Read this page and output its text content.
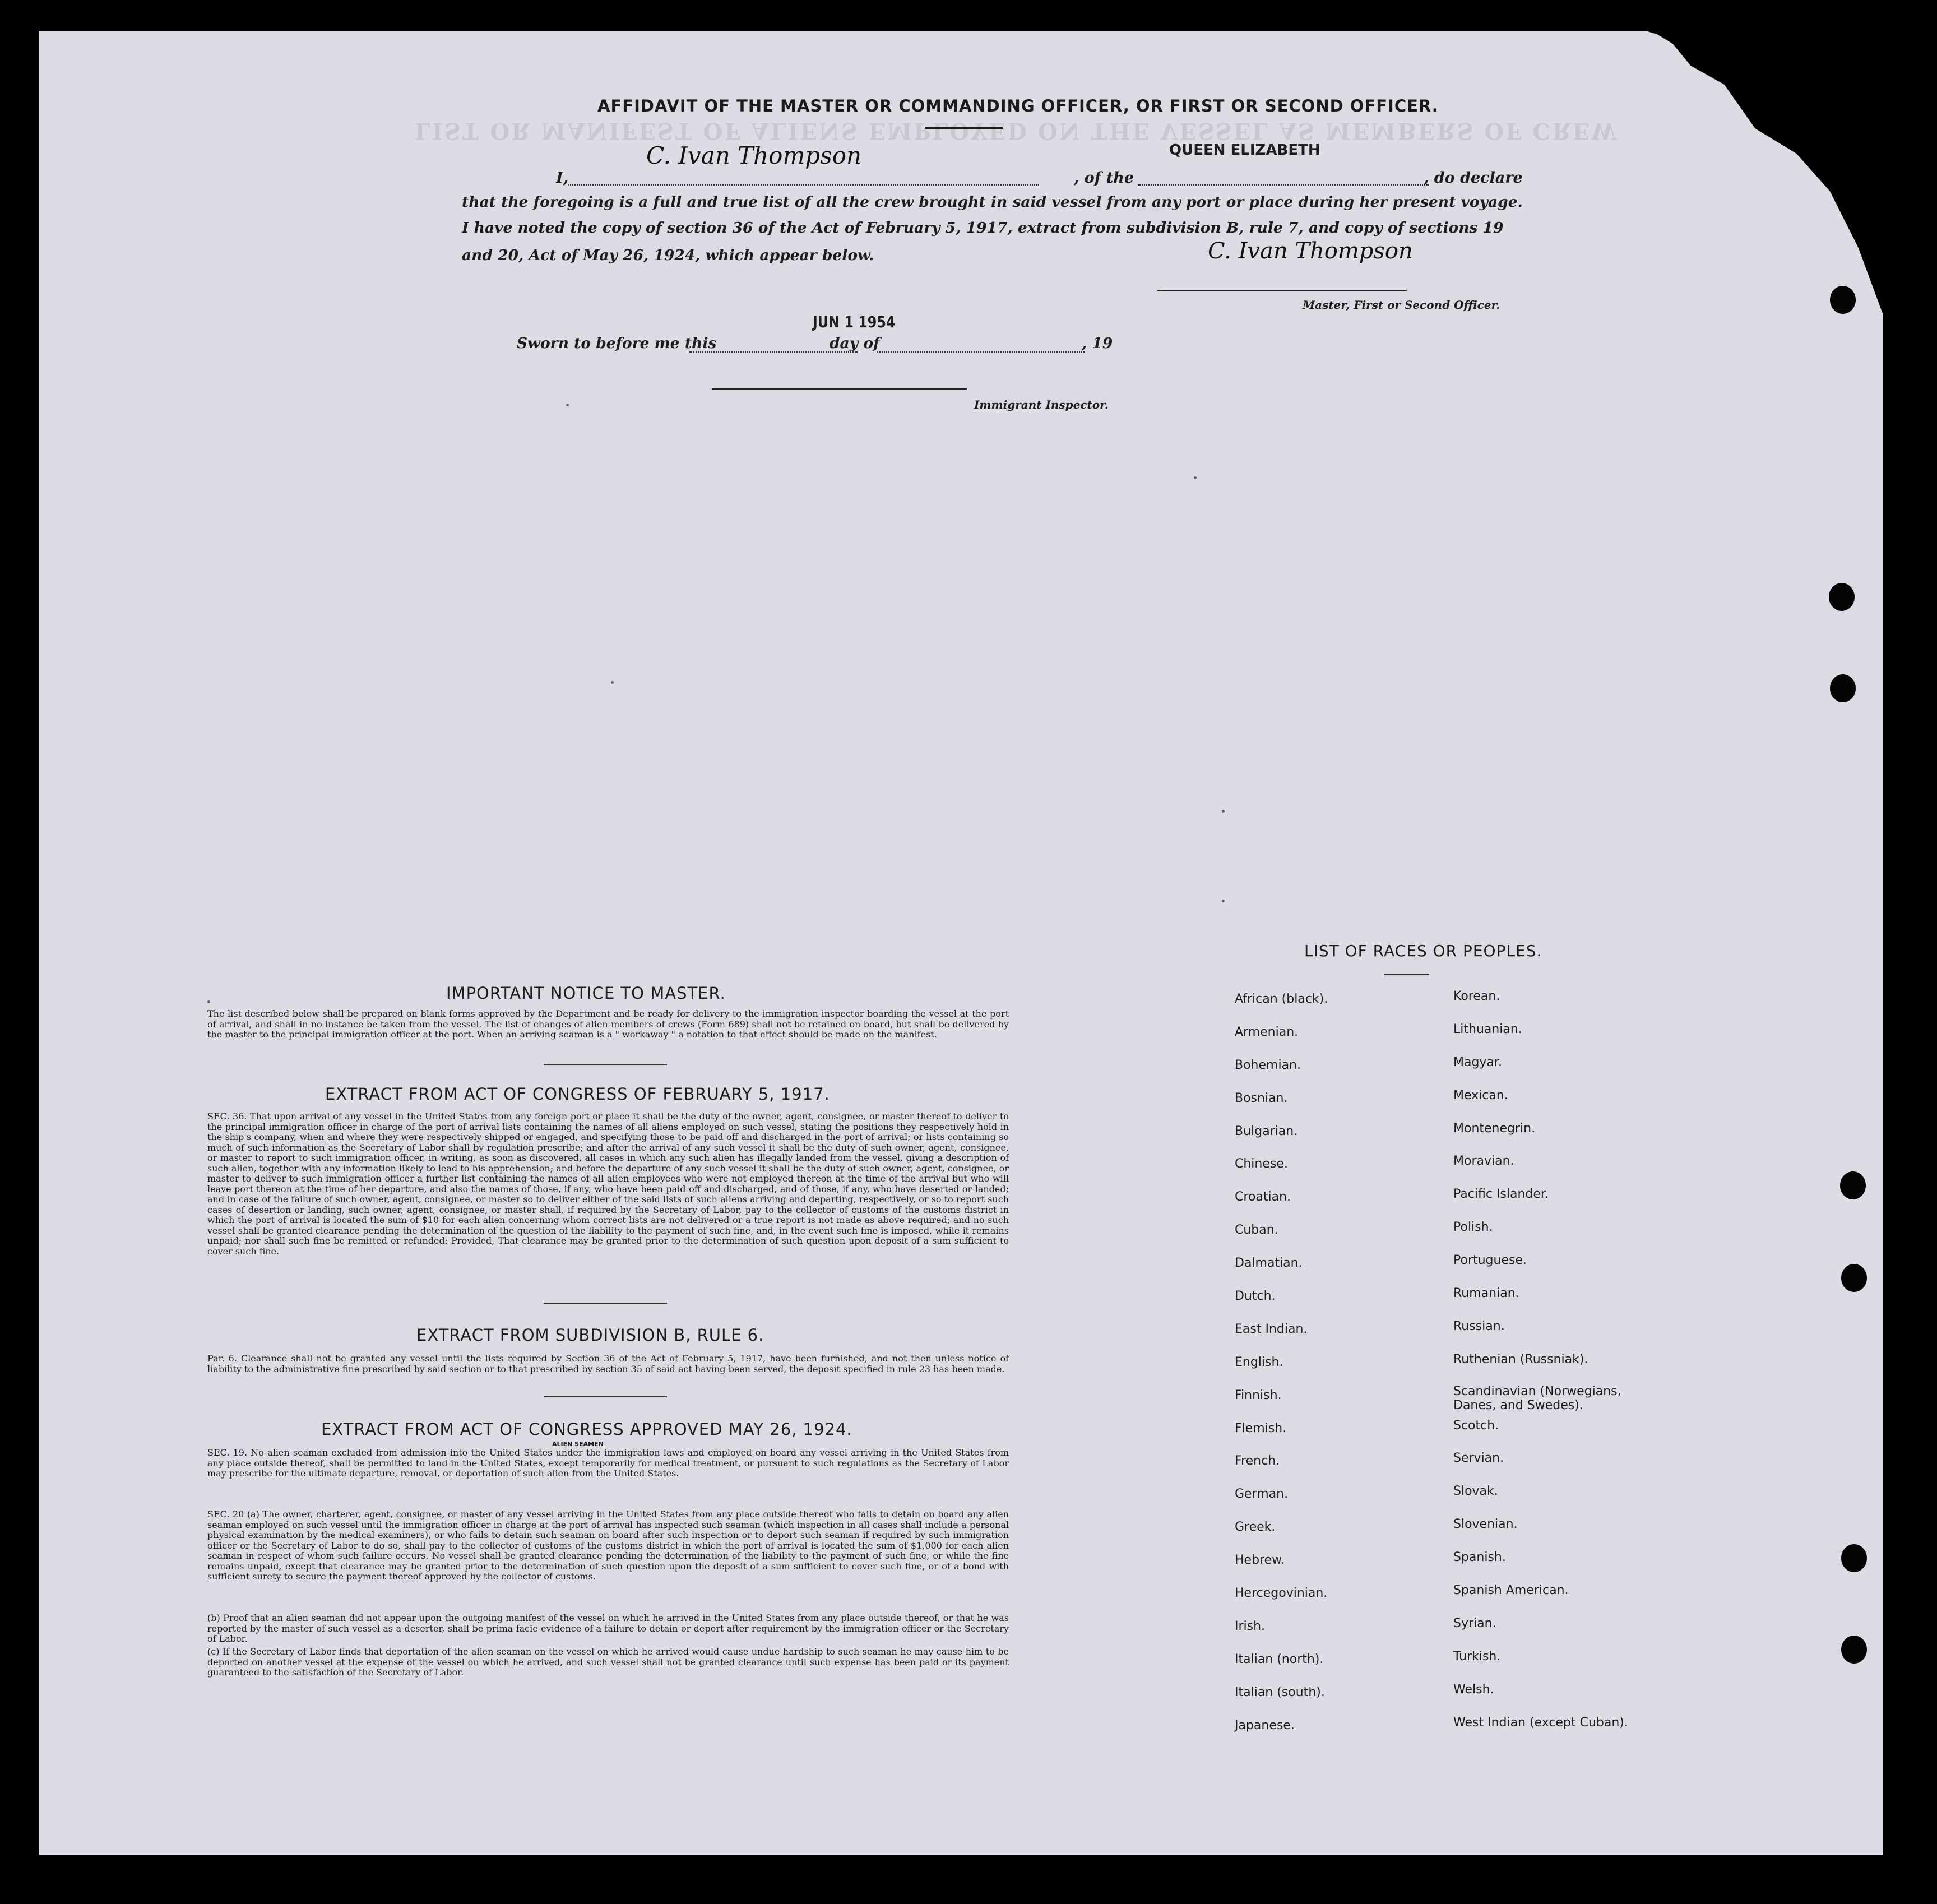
LIST OR MANIFEST OF ALIENS EMPLOYED ON THE VESSEL AS MEMBERS OF CREW
AFFIDAVIT OF THE MASTER OR COMMANDING OFFICER, OR FIRST OR SECOND OFFICER.
I,
C. Ivan Thompson
, of the
QUEEN ELIZABETH
, do declare
that the foregoing is a full and true list of all the crew brought in said vessel from any port or place during her present voyage.
I have noted the copy of section 36 of the Act of February 5, 1917, extract from subdivision B, rule 7, and copy of sections 19
and 20, Act of May 26, 1924, which appear below.	C. Ivan Thompson
Master, First or Second Officer.
Sworn to before me this
JUN 1 1954
day of	, 19
Immigrant Inspector.
IMPORTANT NOTICE TO MASTER.

The list described below shall be prepared on blank forms approved by the Department and be ready for delivery to the immigration inspector boarding the vessel at the port of arrival, and shall in no instance be taken from the vessel. The list of changes of alien members of crews (Form 689) shall not be retained on board, but shall be delivered by the master to the principal immigration officer at the port. When an arriving seaman is a " workaway " a notation to that effect should be made on the manifest.

EXTRACT FROM ACT OF CONGRESS OF FEBRUARY 5, 1917.

SEC. 36. That upon arrival of any vessel in the United States from any foreign port or place it shall be the duty of the owner, agent, consignee, or master thereof to deliver to the principal immigration officer in charge of the port of arrival lists containing the names of all aliens employed on such vessel, stating the positions they respectively hold in the ship's company, when and where they were respectively shipped or engaged, and specifying those to be paid off and discharged in the port of arrival; or lists containing so much of such information as the Secretary of Labor shall by regulation prescribe; and after the arrival of any such vessel it shall be the duty of such owner, agent, consignee, or master to report to such immigration officer, in writing, as soon as discovered, all cases in which any such alien has illegally landed from the vessel, giving a description of such alien, together with any information likely to lead to his apprehension; and before the departure of any such vessel it shall be the duty of such owner, agent, consignee, or master to deliver to such immigration officer a further list containing the names of all alien employees who were not employed thereon at the time of the arrival but who will leave port thereon at the time of her departure, and also the names of those, if any, who have been paid off and discharged, and of those, if any, who have deserted or landed; and in case of the failure of such owner, agent, consignee, or master so to deliver either of the said lists of such aliens arriving and departing, respectively, or so to report such cases of desertion or landing, such owner, agent, consignee, or master shall, if required by the Secretary of Labor, pay to the collector of customs of the customs district in which the port of arrival is located the sum of $10 for each alien concerning whom correct lists are not delivered or a true report is not made as above required; and no such vessel shall be granted clearance pending the determination of the question of the liability to the payment of such fine, and, in the event such fine is imposed, while it remains unpaid; nor shall such fine be remitted or refunded: Provided, That clearance may be granted prior to the determination of such question upon deposit of a sum sufficient to cover such fine.

EXTRACT FROM SUBDIVISION B, RULE 6.

Par. 6. Clearance shall not be granted any vessel until the lists required by Section 36 of the Act of February 5, 1917, have been furnished, and not then unless notice of liability to the administrative fine prescribed by said section or to that prescribed by section 35 of said act having been served, the deposit specified in rule 23 has been made.

EXTRACT FROM ACT OF CONGRESS APPROVED MAY 26, 1924.
ALIEN SEAMEN

SEC. 19. No alien seaman excluded from admission into the United States under the immigration laws and employed on board any vessel arriving in the United States from any place outside thereof, shall be permitted to land in the United States, except temporarily for medical treatment, or pursuant to such regulations as the Secretary of Labor may prescribe for the ultimate departure, removal, or deportation of such alien from the United States.

SEC. 20 (a) The owner, charterer, agent, consignee, or master of any vessel arriving in the United States from any place outside thereof who fails to detain on board any alien seaman employed on such vessel until the immigration officer in charge at the port of arrival has inspected such seaman (which inspection in all cases shall include a personal physical examination by the medical examiners), or who fails to detain such seaman on board after such inspection or to deport such seaman if required by such immigration officer or the Secretary of Labor to do so, shall pay to the collector of customs of the customs district in which the port of arrival is located the sum of $1,000 for each alien seaman in respect of whom such failure occurs. No vessel shall be granted clearance pending the determination of the liability to the payment of such fine, or while the fine remains unpaid, except that clearance may be granted prior to the determination of such question upon the deposit of a sum sufficient to cover such fine, or of a bond with sufficient surety to secure the payment thereof approved by the collector of customs.

(b) Proof that an alien seaman did not appear upon the outgoing manifest of the vessel on which he arrived in the United States from any place outside thereof, or that he was reported by the master of such vessel as a deserter, shall be prima facie evidence of a failure to detain or deport after requirement by the immigration officer or the Secretary of Labor.

(c) If the Secretary of Labor finds that deportation of the alien seaman on the vessel on which he arrived would cause undue hardship to such seaman he may cause him to be deported on another vessel at the expense of the vessel on which he arrived, and such vessel shall not be granted clearance until such expense has been paid or its payment guaranteed to the satisfaction of the Secretary of Labor.

LIST OF RACES OR PEOPLES.
African (black).
Armenian.
Bohemian.
Bosnian.
Bulgarian.
Chinese.
Croatian.
Cuban.
Dalmatian.
Dutch.
East Indian.
English.
Finnish.
Flemish.
French.
German.
Greek.
Hebrew.
Hercegovinian.
Irish.
Italian (north).
Italian (south).
Japanese.
Korean.
Lithuanian.
Magyar.
Mexican.
Montenegrin.
Moravian.
Pacific Islander.
Polish.
Portuguese.
Rumanian.
Russian.
Ruthenian (Russniak).
Scandinavian (Norwegians, Danes, and Swedes).
Scotch.
Servian.
Slovak.
Slovenian.
Spanish.
Spanish American.
Syrian.
Turkish.
Welsh.
West Indian (except Cuban).
